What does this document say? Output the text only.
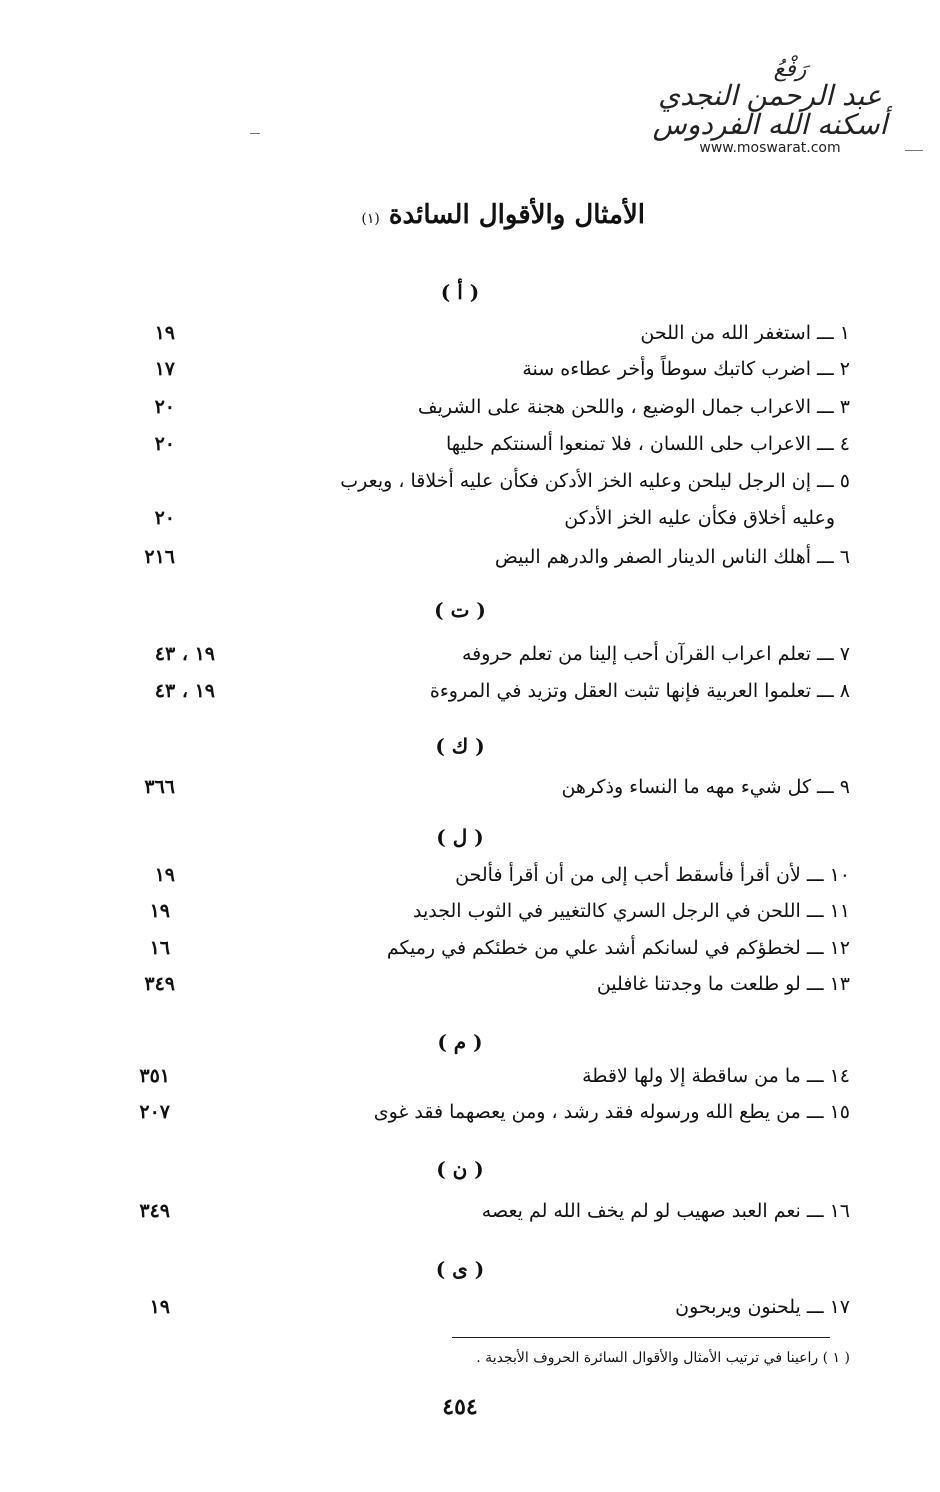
رَفْعُ
عبد الرحمن النجدي
أسكنه الله الفردوس
www.moswarat.com
الأمثال والأقوال السائدة (١)
( أ )
( ت )
( ك )
( ل )
( م )
( ن )
( ى )
١ ـــ استغفر الله من اللحن
١٩
٢ ـــ اضرب كاتبك سوطاً وأخر عطاءه سنة
١٧
٣ ـــ الاعراب جمال الوضيع ، واللحن هجنة على الشريف
٢٠
٤ ـــ الاعراب حلى اللسان ، فلا تمنعوا ألسنتكم حليها
٢٠
٥ ـــ إن الرجل ليلحن وعليه الخز الأدكن فكأن عليه أخلاقا ، ويعرب
وعليه أخلاق فكأن عليه الخز الأدكن
٢٠
٦ ـــ أهلك الناس الدينار الصفر والدرهم البيض
٢١٦
٧ ـــ تعلم اعراب القرآن أحب إلينا من تعلم حروفه
١٩ ، ٤٣
٨ ـــ تعلموا العربية فإنها تثبت العقل وتزيد في المروءة
١٩ ، ٤٣
٩ ـــ كل شيء مهه ما النساء وذكرهن
٣٦٦
١٠ ـــ لأن أقرأ فأسقط أحب إلى من أن أقرأ فألحن
١٩
١١ ـــ اللحن في الرجل السري كالتغيير في الثوب الجديد
١٩
١٢ ـــ لخطؤكم في لسانكم أشد علي من خطئكم في رميكم
١٦
١٣ ـــ لو طلعت ما وجدتنا غافلين
٣٤٩
١٤ ـــ ما من ساقطة إلا ولها لاقطة
٣٥١
١٥ ـــ من يطع الله ورسوله فقد رشد ، ومن يعصهما فقد غوى
٢٠٧
١٦ ـــ نعم العبد صهيب لو لم يخف الله لم يعصه
٣٤٩
١٧ ـــ يلحنون ويربحون
١٩
( ١ ) راعينا في ترتيب الأمثال والأقوال السائرة الحروف الأبجدية .
٤٥٤
